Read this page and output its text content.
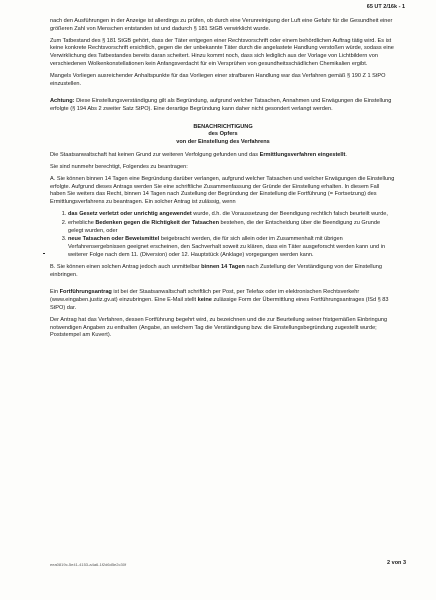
65 UT 2/16k - 1

nach den Ausführungen in der Anzeige ist allerdings zu prüfen, ob durch eine Verunreinigung der Luft eine Gefahr für die Gesundheit einer größeren Zahl von Menschen entstanden ist und dadurch § 181 StGB verwirklicht wurde.

Zum Tatbestand des § 181 StGB gehört, dass der Täter entgegen einer Rechtsvorschrift oder einem behördlichen Auftrag tätig wird. Es ist keine konkrete Rechtsvorschrift ersichtlich, gegen die der unbekannte Täter durch die angelastete Handlung verstoßen würde, sodass eine Verwirklichung des Tatbestandes bereits daran scheitert. Hinzu kommt noch, dass sich lediglich aus der Vorlage von Lichtbildern von verschiedenen Wolkenkonstellationen kein Anfangsverdacht für ein Versprühen von gesundheitsschädlichen Chemikalien ergibt.

Mangels Vorliegen ausreichender Anhaltspunkte für das Vorliegen einer strafbaren Handlung war das Verfahren gemäß § 190 Z 1 StPO einzustellen.

Achtung: Diese Einstellungsverständigung gilt als Begründung, aufgrund welcher Tatsachen, Annahmen und Erwägungen die Einstellung erfolgte (§ 194 Abs 2 zweiter Satz StPO). Eine derartige Begründung kann daher nicht gesondert verlangt werden.

BENACHRICHTIGUNG
des Opfers
von der Einstellung des Verfahrens

Die Staatsanwaltschaft hat keinen Grund zur weiteren Verfolgung gefunden und das Ermittlungsverfahren eingestellt.

Sie sind nunmehr berechtigt, Folgendes zu beantragen:

A. Sie können binnen 14 Tagen eine Begründung darüber verlangen, aufgrund welcher Tatsachen und welcher Erwägungen die Einstellung erfolgte. Aufgrund dieses Antrags werden Sie eine schriftliche Zusammenfassung der Gründe der Einstellung erhalten. In diesem Fall haben Sie weiters das Recht, binnen 14 Tagen nach Zustellung der Begründung der Einstellung die Fortführung (= Fortsetzung) des Ermittlungsverfahrens zu beantragen. Ein solcher Antrag ist zulässig, wenn

1. das Gesetz verletzt oder unrichtig angewendet wurde, d.h. die Voraussetzung der Beendigung rechtlich falsch beurteilt wurde,
2. erhebliche Bedenken gegen die Richtigkeit der Tatsachen bestehen, die der Entscheidung über die Beendigung zu Grunde gelegt wurden, oder
3. neue Tatsachen oder Beweismittel beigebracht werden, die für sich allein oder im Zusammenhalt mit übrigen Verfahrensergebnissen geeignet erscheinen, den Sachverhalt soweit zu klären, dass ein Täter ausgeforscht werden kann und in weiterer Folge nach dem 11. (Diversion) oder 12. Hauptstück (Anklage) vorgegangen werden kann.

B. Sie können einen solchen Antrag jedoch auch unmittelbar binnen 14 Tagen nach Zustellung der Verständigung von der Einstellung einbringen.

Ein Fortführungsantrag ist bei der Staatsanwaltschaft schriftlich per Post, per Telefax oder im elektronischen Rechtsverkehr (www.eingaben.justiz.gv.at) einzubringen. Eine E-Mail stellt keine zulässige Form der Übermittlung eines Fortführungsantrages (ISd § 83 StPO) dar.

Der Antrag hat das Verfahren, dessen Fortführung begehrt wird, zu bezeichnen und die zur Beurteilung seiner fristgemäßen Einbringung notwendigen Angaben zu enthalten (Angabe, an welchem Tag die Verständigung bzw. die Einstellungsbegründung zugestellt wurde; Poststempel am Kuvert).

eea0819c-5e41-4153-a4a6-1f2d6d5e2c30f	2 von 3
